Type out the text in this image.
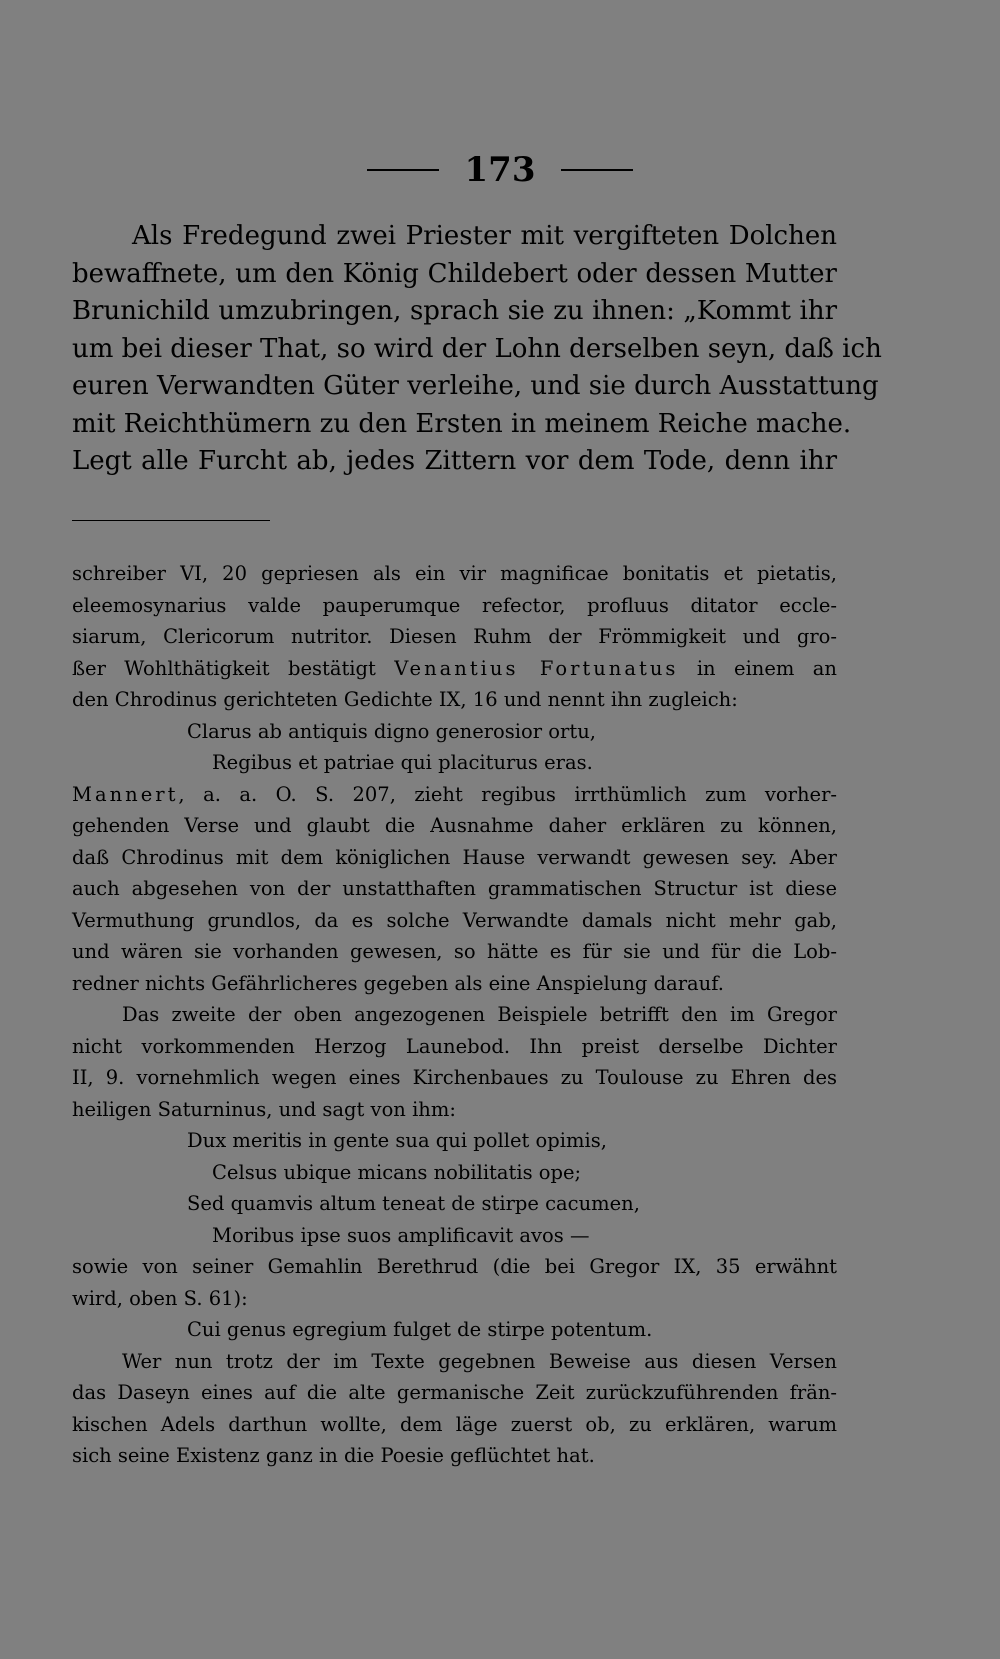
173
Als Fredegund zwei Priester mit vergifteten Dolchen
bewaffnete, um den König Childebert oder dessen Mutter
Brunichild umzubringen, sprach sie zu ihnen: „Kommt ihr
um bei dieser That, so wird der Lohn derselben seyn, daß ich
euren Verwandten Güter verleihe, und sie durch Ausstattung
mit Reichthümern zu den Ersten in meinem Reiche mache.
Legt alle Furcht ab, jedes Zittern vor dem Tode, denn ihr
schreiber VI, 20 gepriesen als ein vir magnificae bonitatis et pietatis,
eleemosynarius valde pauperumque refector, profluus ditator eccle-
siarum, Clericorum nutritor. Diesen Ruhm der Frömmigkeit und gro-
ßer Wohlthätigkeit bestätigt Venantius Fortunatus in einem an
den Chrodinus gerichteten Gedichte IX, 16 und nennt ihn zugleich:
Clarus ab antiquis digno generosior ortu,
Regibus et patriae qui placiturus eras.
Mannert, a. a. O. S. 207, zieht regibus irrthümlich zum vorher-
gehenden Verse und glaubt die Ausnahme daher erklären zu können,
daß Chrodinus mit dem königlichen Hause verwandt gewesen sey. Aber
auch abgesehen von der unstatthaften grammatischen Structur ist diese
Vermuthung grundlos, da es solche Verwandte damals nicht mehr gab,
und wären sie vorhanden gewesen, so hätte es für sie und für die Lob-
redner nichts Gefährlicheres gegeben als eine Anspielung darauf.
Das zweite der oben angezogenen Beispiele betrifft den im Gregor
nicht vorkommenden Herzog Launebod. Ihn preist derselbe Dichter
II, 9. vornehmlich wegen eines Kirchenbaues zu Toulouse zu Ehren des
heiligen Saturninus, und sagt von ihm:
Dux meritis in gente sua qui pollet opimis,
Celsus ubique micans nobilitatis ope;
Sed quamvis altum teneat de stirpe cacumen,
Moribus ipse suos amplificavit avos —
sowie von seiner Gemahlin Berethrud (die bei Gregor IX, 35 erwähnt
wird, oben S. 61):
Cui genus egregium fulget de stirpe potentum.
Wer nun trotz der im Texte gegebnen Beweise aus diesen Versen
das Daseyn eines auf die alte germanische Zeit zurückzuführenden frän-
kischen Adels darthun wollte, dem läge zuerst ob, zu erklären, warum
sich seine Existenz ganz in die Poesie geflüchtet hat.
